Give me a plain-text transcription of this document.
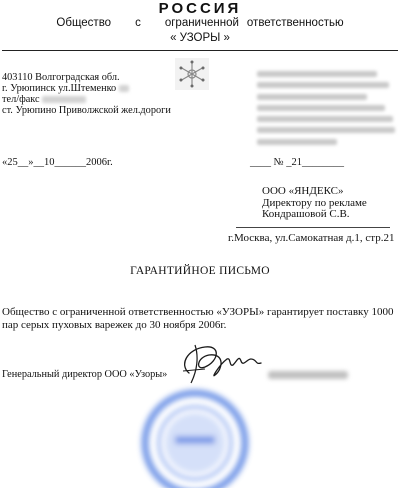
РОССИЯ
Общество с ограниченной ответственностью
« УЗОРЫ »
403110 Волгоградская обл.
г. Урюпинск ул.Штеменко
тел/факс
ст. Урюпино Приволжской жел.дороги
«25__»__10______2006г.	____ № _21________
ООО «ЯНДЕКС»
Директору по рекламе
Кондрашовой С.В.
г.Москва, ул.Самокатная д.1, стр.21
ГАРАНТИЙНОЕ ПИСЬМО
Общество с ограниченной ответственностью «УЗОРЫ» гарантирует поставку 1000 пар серых пуховых варежек до 30 ноября 2006г.
Генеральный директор ООО «Узоры»
